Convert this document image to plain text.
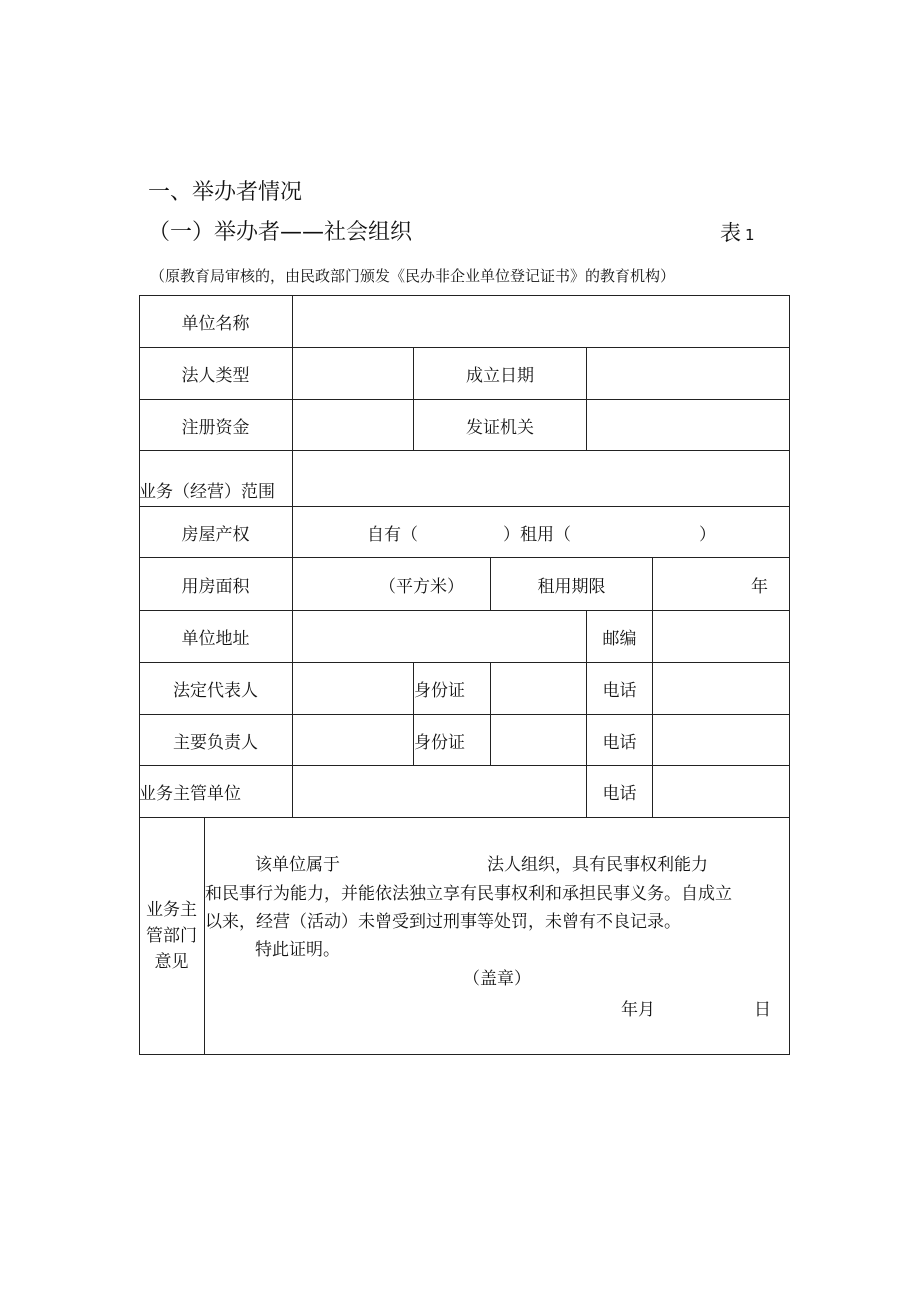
一、举办者情况
（一）举办者——社会组织	表 1
（原教育局审核的，由民政部门颁发《民办非企业单位登记证书》的教育机构）
单位名称
法人类型	成立日期
注册资金	发证机关
业务（经营）范围
房屋产权	自有（	）租用（	）
用房面积	（平方米）	租用期限	年
单位地址	邮编
法定代表人	身份证	电话
主要负责人	身份证	电话
业务主管单位	电话
业务主
管部门
意见
该单位属于	法人组织，具有民事权利能力
和民事行为能力，并能依法独立享有民事权利和承担民事义务。自成立
以来，经营（活动）未曾受到过刑事等处罚，未曾有不良记录。
特此证明。
（盖章）
年月	日
